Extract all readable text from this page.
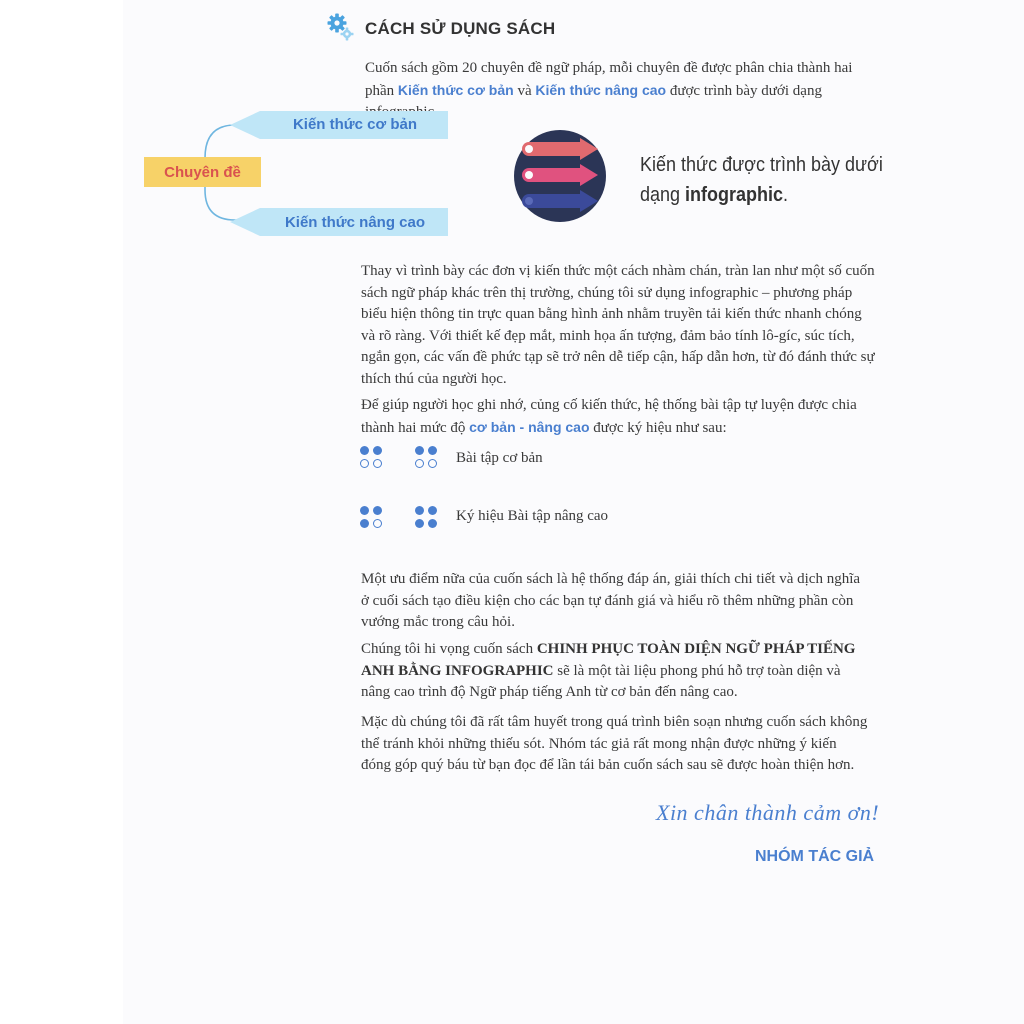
CÁCH SỬ DỤNG SÁCH
Cuốn sách gồm 20 chuyên đề ngữ pháp, mỗi chuyên đề được phân chia thành hai
phần Kiến thức cơ bản và Kiến thức nâng cao được trình bày dưới dạng
Chuyên đề
Kiến thức cơ bản
Kiến thức nâng cao
Kiến thức được trình bày dưới
dạng infographic.
Thay vì trình bày các đơn vị kiến thức một cách nhàm chán, tràn lan như một số cuốn
sách ngữ pháp khác trên thị trường, chúng tôi sử dụng infographic – phương pháp
biểu hiện thông tin trực quan bằng hình ảnh nhằm truyền tải kiến thức nhanh chóng
và rõ ràng. Với thiết kế đẹp mắt, minh họa ấn tượng, đảm bảo tính lô-gíc, súc tích,
ngắn gọn, các vấn đề phức tạp sẽ trở nên dễ tiếp cận, hấp dẫn hơn, từ đó đánh thức sự
thích thú của người học.
Để giúp người học ghi nhớ, củng cố kiến thức, hệ thống bài tập tự luyện được chia
thành hai mức độ cơ bản - nâng cao được ký hiệu như sau:
Bài tập cơ bản
Ký hiệu Bài tập nâng cao
Một ưu điểm nữa của cuốn sách là hệ thống đáp án, giải thích chi tiết và dịch nghĩa
ở cuối sách tạo điều kiện cho các bạn tự đánh giá và hiểu rõ thêm những phần còn
vướng mắc trong câu hỏi.
Chúng tôi hi vọng cuốn sách CHINH PHỤC TOÀN DIỆN NGỮ PHÁP TIẾNG
ANH BẰNG INFOGRAPHIC sẽ là một tài liệu phong phú hỗ trợ toàn diện và
nâng cao trình độ Ngữ pháp tiếng Anh từ cơ bản đến nâng cao.
Mặc dù chúng tôi đã rất tâm huyết trong quá trình biên soạn nhưng cuốn sách không
thể tránh khỏi những thiếu sót. Nhóm tác giả rất mong nhận được những ý kiến
đóng góp quý báu từ bạn đọc để lần tái bản cuốn sách sau sẽ được hoàn thiện hơn.
Xin chân thành cảm ơn!
NHÓM TÁC GIẢ
